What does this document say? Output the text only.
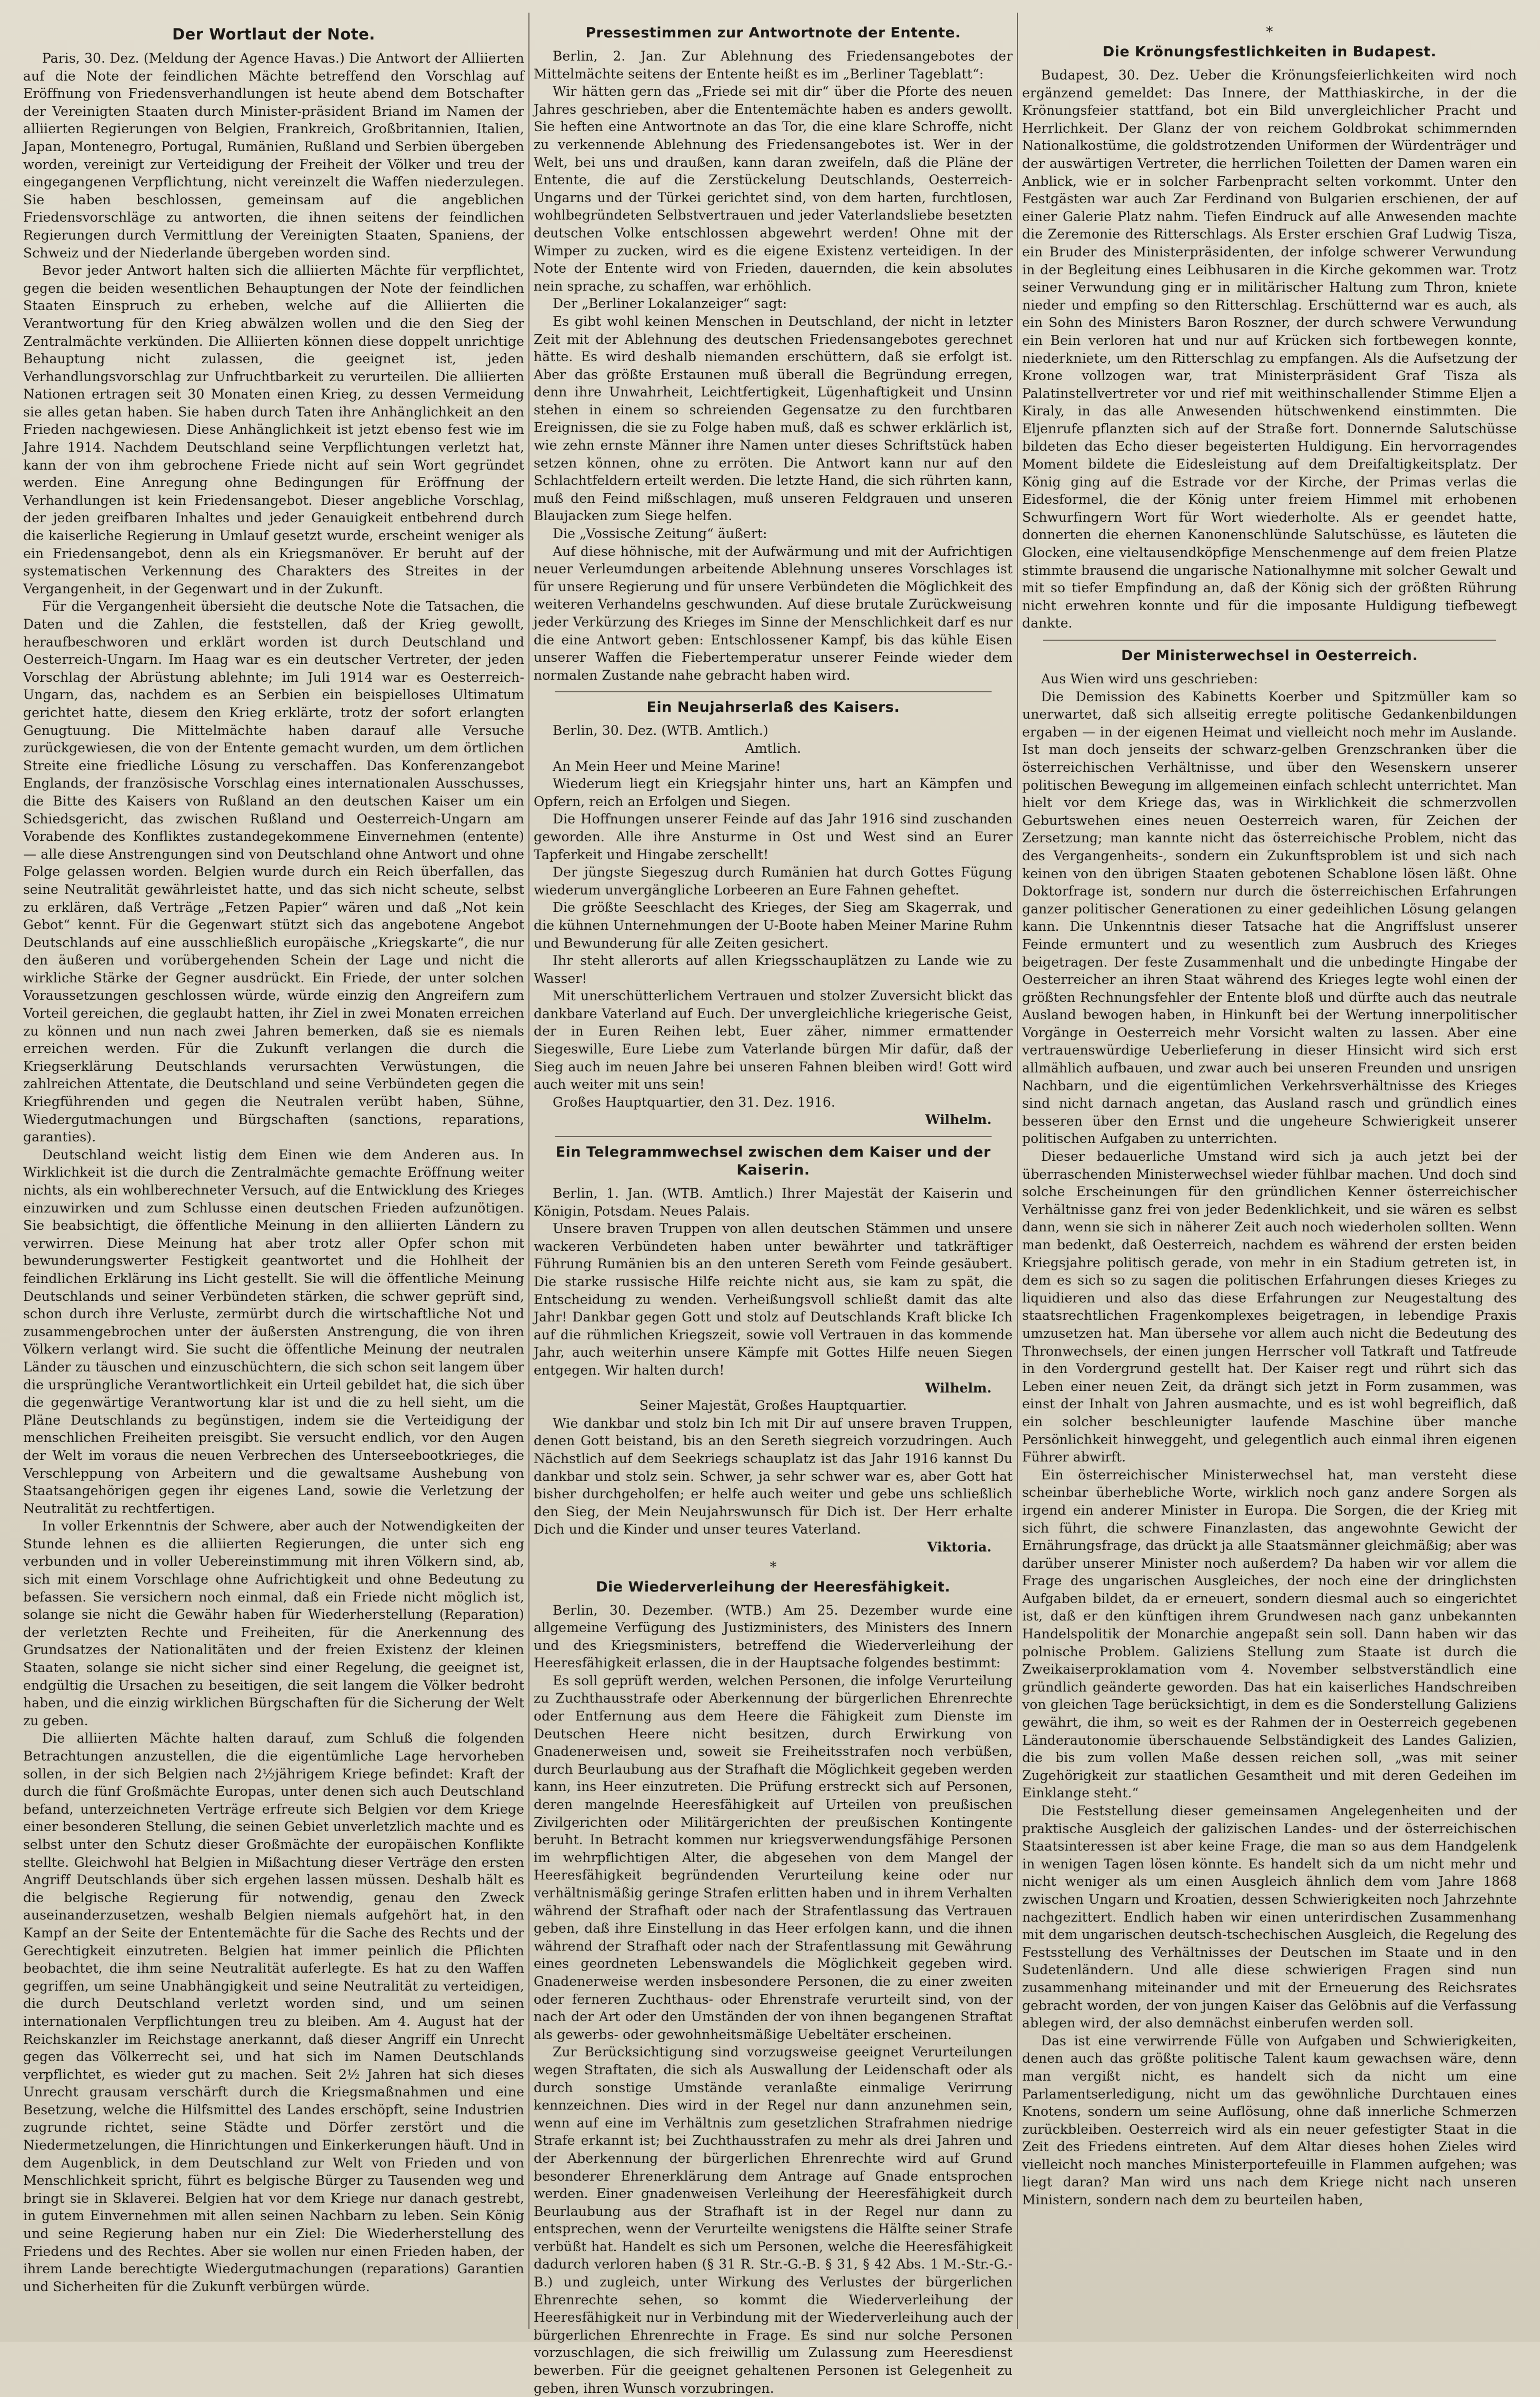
Der Wortlaut der Note.

Paris, 30. Dez. (Meldung der Agence Havas.) Die Antwort der Alliierten auf die Note der feindlichen Mächte betreffend den Vorschlag auf Eröffnung von Friedensverhandlungen ist heute abend dem Botschafter der Vereinigten Staaten durch Minister-präsident Briand im Namen der alliierten Regierungen von Belgien, Frankreich, Großbritannien, Italien, Japan, Montenegro, Portugal, Rumänien, Rußland und Serbien übergeben worden, vereinigt zur Verteidigung der Freiheit der Völker und treu der eingegangenen Verpflichtung, nicht vereinzelt die Waffen niederzulegen. Sie haben beschlossen, gemeinsam auf die angeblichen Friedensvorschläge zu antworten, die ihnen seitens der feindlichen Regierungen durch Vermittlung der Vereinigten Staaten, Spaniens, der Schweiz und der Niederlande übergeben worden sind.

Bevor jeder Antwort halten sich die alliierten Mächte für verpflichtet, gegen die beiden wesentlichen Behauptungen der Note der feindlichen Staaten Einspruch zu erheben, welche auf die Alliierten die Verantwortung für den Krieg abwälzen wollen und die den Sieg der Zentralmächte verkünden. Die Alliierten können diese doppelt unrichtige Behauptung nicht zulassen, die geeignet ist, jeden Verhandlungsvorschlag zur Unfruchtbarkeit zu verurteilen. Die alliierten Nationen ertragen seit 30 Monaten einen Krieg, zu dessen Vermeidung sie alles getan haben. Sie haben durch Taten ihre Anhänglichkeit an den Frieden nachgewiesen. Diese Anhänglichkeit ist jetzt ebenso fest wie im Jahre 1914. Nachdem Deutschland seine Verpflichtungen verletzt hat, kann der von ihm gebrochene Friede nicht auf sein Wort gegründet werden. Eine Anregung ohne Bedingungen für Eröffnung der Verhandlungen ist kein Friedensangebot. Dieser angebliche Vorschlag, der jeden greifbaren Inhaltes und jeder Genauigkeit entbehrend durch die kaiserliche Regierung in Umlauf gesetzt wurde, erscheint weniger als ein Friedensangebot, denn als ein Kriegsmanöver. Er beruht auf der systematischen Verkennung des Charakters des Streites in der Vergangenheit, in der Gegenwart und in der Zukunft.

Für die Vergangenheit übersieht die deutsche Note die Tatsachen, die Daten und die Zahlen, die feststellen, daß der Krieg gewollt, heraufbeschworen und erklärt worden ist durch Deutschland und Oesterreich-Ungarn. Im Haag war es ein deutscher Vertreter, der jeden Vorschlag der Abrüstung ablehnte; im Juli 1914 war es Oesterreich-Ungarn, das, nachdem es an Serbien ein beispielloses Ultimatum gerichtet hatte, diesem den Krieg erklärte, trotz der sofort erlangten Genugtuung. Die Mittelmächte haben darauf alle Versuche zurückgewiesen, die von der Entente gemacht wurden, um dem örtlichen Streite eine friedliche Lösung zu verschaffen. Das Konferenzangebot Englands, der französische Vorschlag eines internationalen Ausschusses, die Bitte des Kaisers von Rußland an den deutschen Kaiser um ein Schiedsgericht, das zwischen Rußland und Oesterreich-Ungarn am Vorabende des Konfliktes zustandegekommene Einvernehmen (entente) — alle diese Anstrengungen sind von Deutschland ohne Antwort und ohne Folge gelassen worden. Belgien wurde durch ein Reich überfallen, das seine Neutralität gewährleistet hatte, und das sich nicht scheute, selbst zu erklären, daß Verträge „Fetzen Papier“ wären und daß „Not kein Gebot“ kennt. Für die Gegenwart stützt sich das angebotene Angebot Deutschlands auf eine ausschließlich europäische „Kriegskarte“, die nur den äußeren und vorübergehenden Schein der Lage und nicht die wirkliche Stärke der Gegner ausdrückt. Ein Friede, der unter solchen Voraussetzungen geschlossen würde, würde einzig den Angreifern zum Vorteil gereichen, die geglaubt hatten, ihr Ziel in zwei Monaten erreichen zu können und nun nach zwei Jahren bemerken, daß sie es niemals erreichen werden. Für die Zukunft verlangen die durch die Kriegserklärung Deutschlands verursachten Verwüstungen, die zahlreichen Attentate, die Deutschland und seine Verbündeten gegen die Kriegführenden und gegen die Neutralen verübt haben, Sühne, Wiedergutmachungen und Bürgschaften (sanctions, reparations, garanties).

Deutschland weicht listig dem Einen wie dem Anderen aus. In Wirklichkeit ist die durch die Zentralmächte gemachte Eröffnung weiter nichts, als ein wohlberechneter Versuch, auf die Entwicklung des Krieges einzuwirken und zum Schlusse einen deutschen Frieden aufzunötigen. Sie beabsichtigt, die öffentliche Meinung in den alliierten Ländern zu verwirren. Diese Meinung hat aber trotz aller Opfer schon mit bewunderungswerter Festigkeit geantwortet und die Hohlheit der feindlichen Erklärung ins Licht gestellt. Sie will die öffentliche Meinung Deutschlands und seiner Verbündeten stärken, die schwer geprüft sind, schon durch ihre Verluste, zermürbt durch die wirtschaftliche Not und zusammengebrochen unter der äußersten Anstrengung, die von ihren Völkern verlangt wird. Sie sucht die öffentliche Meinung der neutralen Länder zu täuschen und einzuschüchtern, die sich schon seit langem über die ursprüngliche Verantwortlichkeit ein Urteil gebildet hat, die sich über die gegenwärtige Verantwortung klar ist und die zu hell sieht, um die Pläne Deutschlands zu begünstigen, indem sie die Verteidigung der menschlichen Freiheiten preisgibt. Sie versucht endlich, vor den Augen der Welt im voraus die neuen Verbrechen des Unterseebootkrieges, die Verschleppung von Arbeitern und die gewaltsame Aushebung von Staatsangehörigen gegen ihr eigenes Land, sowie die Verletzung der Neutralität zu rechtfertigen.

In voller Erkenntnis der Schwere, aber auch der Notwendigkeiten der Stunde lehnen es die alliierten Regierungen, die unter sich eng verbunden und in voller Uebereinstimmung mit ihren Völkern sind, ab, sich mit einem Vorschlage ohne Aufrichtigkeit und ohne Bedeutung zu befassen. Sie versichern noch einmal, daß ein Friede nicht möglich ist, solange sie nicht die Gewähr haben für Wiederherstellung (Reparation) der verletzten Rechte und Freiheiten, für die Anerkennung des Grundsatzes der Nationalitäten und der freien Existenz der kleinen Staaten, solange sie nicht sicher sind einer Regelung, die geeignet ist, endgültig die Ursachen zu beseitigen, die seit langem die Völker bedroht haben, und die einzig wirklichen Bürgschaften für die Sicherung der Welt zu geben.

Die alliierten Mächte halten darauf, zum Schluß die folgenden Betrachtungen anzustellen, die die eigentümliche Lage hervorheben sollen, in der sich Belgien nach 2½jährigem Kriege befindet: Kraft der durch die fünf Großmächte Europas, unter denen sich auch Deutschland befand, unterzeichneten Verträge erfreute sich Belgien vor dem Kriege einer besonderen Stellung, die seinen Gebiet unverletzlich machte und es selbst unter den Schutz dieser Großmächte der europäischen Konflikte stellte. Gleichwohl hat Belgien in Mißachtung dieser Verträge den ersten Angriff Deutschlands über sich ergehen lassen müssen. Deshalb hält es die belgische Regierung für notwendig, genau den Zweck auseinanderzusetzen, weshalb Belgien niemals aufgehört hat, in den Kampf an der Seite der Ententemächte für die Sache des Rechts und der Gerechtigkeit einzutreten. Belgien hat immer peinlich die Pflichten beobachtet, die ihm seine Neutralität auferlegte. Es hat zu den Waffen gegriffen, um seine Unabhängigkeit und seine Neutralität zu verteidigen, die durch Deutschland verletzt worden sind, und um seinen internationalen Verpflichtungen treu zu bleiben. Am 4. August hat der Reichskanzler im Reichstage anerkannt, daß dieser Angriff ein Unrecht gegen das Völkerrecht sei, und hat sich im Namen Deutschlands verpflichtet, es wieder gut zu machen. Seit 2½ Jahren hat sich dieses Unrecht grausam verschärft durch die Kriegsmaßnahmen und eine Besetzung, welche die Hilfsmittel des Landes erschöpft, seine Industrien zugrunde richtet, seine Städte und Dörfer zerstört und die Niedermetzelungen, die Hinrichtungen und Einkerkerungen häuft. Und in dem Augenblick, in dem Deutschland zur Welt von Frieden und von Menschlichkeit spricht, führt es belgische Bürger zu Tausenden weg und bringt sie in Sklaverei. Belgien hat vor dem Kriege nur danach gestrebt, in gutem Einvernehmen mit allen seinen Nachbarn zu leben. Sein König und seine Regierung haben nur ein Ziel: Die Wiederherstellung des Friedens und des Rechtes. Aber sie wollen nur einen Frieden haben, der ihrem Lande berechtigte Wiedergutmachungen (reparations) Garantien und Sicherheiten für die Zukunft verbürgen würde.

Pressestimmen zur Antwortnote der Entente.

Berlin, 2. Jan. Zur Ablehnung des Friedensangebotes der Mittelmächte seitens der Entente heißt es im „Berliner Tageblatt“:

Wir hätten gern das „Friede sei mit dir“ über die Pforte des neuen Jahres geschrieben, aber die Ententemächte haben es anders gewollt. Sie heften eine Antwortnote an das Tor, die eine klare Schroffe, nicht zu verkennende Ablehnung des Friedensangebotes ist. Wer in der Welt, bei uns und draußen, kann daran zweifeln, daß die Pläne der Entente, die auf die Zerstückelung Deutschlands, Oesterreich-Ungarns und der Türkei gerichtet sind, von dem harten, furchtlosen, wohlbegründeten Selbstvertrauen und jeder Vaterlandsliebe besetzten deutschen Volke entschlossen abgewehrt werden! Ohne mit der Wimper zu zucken, wird es die eigene Existenz verteidigen. In der Note der Entente wird von Frieden, dauernden, die kein absolutes nein sprache, zu schaffen, war erhöhlich.

Der „Berliner Lokalanzeiger“ sagt:

Es gibt wohl keinen Menschen in Deutschland, der nicht in letzter Zeit mit der Ablehnung des deutschen Friedensangebotes gerechnet hätte. Es wird deshalb niemanden erschüttern, daß sie erfolgt ist. Aber das größte Erstaunen muß überall die Begründung erregen, denn ihre Unwahrheit, Leichtfertigkeit, Lügenhaftigkeit und Unsinn stehen in einem so schreienden Gegensatze zu den furchtbaren Ereignissen, die sie zu Folge haben muß, daß es schwer erklärlich ist, wie zehn ernste Männer ihre Namen unter dieses Schriftstück haben setzen können, ohne zu erröten. Die Antwort kann nur auf den Schlachtfeldern erteilt werden. Die letzte Hand, die sich rührten kann, muß den Feind mißschlagen, muß unseren Feldgrauen und unseren Blaujacken zum Siege helfen.

Die „Vossische Zeitung“ äußert:

Auf diese höhnische, mit der Aufwärmung und mit der Aufrichtigen neuer Verleumdungen arbeitende Ablehnung unseres Vorschlages ist für unsere Regierung und für unsere Verbündeten die Möglichkeit des weiteren Verhandelns geschwunden. Auf diese brutale Zurückweisung jeder Verkürzung des Krieges im Sinne der Menschlichkeit darf es nur die eine Antwort geben: Entschlossener Kampf, bis das kühle Eisen unserer Waffen die Fiebertemperatur unserer Feinde wieder dem normalen Zustande nahe gebracht haben wird.

Ein Neujahrserlaß des Kaisers.

Berlin, 30. Dez. (WTB. Amtlich.)

Amtlich.

An Mein Heer und Meine Marine!

Wiederum liegt ein Kriegsjahr hinter uns, hart an Kämpfen und Opfern, reich an Erfolgen und Siegen.

Die Hoffnungen unserer Feinde auf das Jahr 1916 sind zuschanden geworden. Alle ihre Ansturme in Ost und West sind an Eurer Tapferkeit und Hingabe zerschellt!

Der jüngste Siegeszug durch Rumänien hat durch Gottes Fügung wiederum unvergängliche Lorbeeren an Eure Fahnen geheftet.

Die größte Seeschlacht des Krieges, der Sieg am Skagerrak, und die kühnen Unternehmungen der U-Boote haben Meiner Marine Ruhm und Bewunderung für alle Zeiten gesichert.

Ihr steht allerorts auf allen Kriegsschauplätzen zu Lande wie zu Wasser!

Mit unerschütterlichem Vertrauen und stolzer Zuversicht blickt das dankbare Vaterland auf Euch. Der unvergleichliche kriegerische Geist, der in Euren Reihen lebt, Euer zäher, nimmer ermattender Siegeswille, Eure Liebe zum Vaterlande bürgen Mir dafür, daß der Sieg auch im neuen Jahre bei unseren Fahnen bleiben wird! Gott wird auch weiter mit uns sein!

Großes Hauptquartier, den 31. Dez. 1916.

Wilhelm.

Ein Telegrammwechsel zwischen dem Kaiser und der Kaiserin.

Berlin, 1. Jan. (WTB. Amtlich.) Ihrer Majestät der Kaiserin und Königin, Potsdam. Neues Palais.

Unsere braven Truppen von allen deutschen Stämmen und unsere wackeren Verbündeten haben unter bewährter und tatkräftiger Führung Rumänien bis an den unteren Sereth vom Feinde gesäubert. Die starke russische Hilfe reichte nicht aus, sie kam zu spät, die Entscheidung zu wenden. Verheißungsvoll schließt damit das alte Jahr! Dankbar gegen Gott und stolz auf Deutschlands Kraft blicke Ich auf die rühmlichen Kriegszeit, sowie voll Vertrauen in das kommende Jahr, auch weiterhin unsere Kämpfe mit Gottes Hilfe neuen Siegen entgegen. Wir halten durch!

Wilhelm.

Seiner Majestät, Großes Hauptquartier.

Wie dankbar und stolz bin Ich mit Dir auf unsere braven Truppen, denen Gott beistand, bis an den Sereth siegreich vorzudringen. Auch Nächstlich auf dem Seekriegs schauplatz ist das Jahr 1916 kannst Du dankbar und stolz sein. Schwer, ja sehr schwer war es, aber Gott hat bisher durchgeholfen; er helfe auch weiter und gebe uns schließlich den Sieg, der Mein Neujahrswunsch für Dich ist. Der Herr erhalte Dich und die Kinder und unser teures Vaterland.

Viktoria.

*
Die Wiederverleihung der Heeresfähigkeit.

Berlin, 30. Dezember. (WTB.) Am 25. Dezember wurde eine allgemeine Verfügung des Justizministers, des Ministers des Innern und des Kriegsministers, betreffend die Wiederverleihung der Heeresfähigkeit erlassen, die in der Hauptsache folgendes bestimmt:

Es soll geprüft werden, welchen Personen, die infolge Verurteilung zu Zuchthausstrafe oder Aberkennung der bürgerlichen Ehrenrechte oder Entfernung aus dem Heere die Fähigkeit zum Dienste im Deutschen Heere nicht besitzen, durch Erwirkung von Gnadenerweisen und, soweit sie Freiheitsstrafen noch verbüßen, durch Beurlaubung aus der Strafhaft die Möglichkeit gegeben werden kann, ins Heer einzutreten. Die Prüfung erstreckt sich auf Personen, deren mangelnde Heeresfähigkeit auf Urteilen von preußischen Zivilgerichten oder Militärgerichten der preußischen Kontingente beruht. In Betracht kommen nur kriegsverwendungsfähige Personen im wehrpflichtigen Alter, die abgesehen von dem Mangel der Heeresfähigkeit begründenden Verurteilung keine oder nur verhältnismäßig geringe Strafen erlitten haben und in ihrem Verhalten während der Strafhaft oder nach der Strafentlassung das Vertrauen geben, daß ihre Einstellung in das Heer erfolgen kann, und die ihnen während der Strafhaft oder nach der Strafentlassung mit Gewährung eines geordneten Lebenswandels die Möglichkeit gegeben wird. Gnadenerweise werden insbesondere Personen, die zu einer zweiten oder ferneren Zuchthaus- oder Ehrenstrafe verurteilt sind, von der nach der Art oder den Umständen der von ihnen begangenen Straftat als gewerbs- oder gewohnheitsmäßige Uebeltäter erscheinen.

Zur Berücksichtigung sind vorzugsweise geeignet Verurteilungen wegen Straftaten, die sich als Auswallung der Leidenschaft oder als durch sonstige Umstände veranlaßte einmalige Verirrung kennzeichnen. Dies wird in der Regel nur dann anzunehmen sein, wenn auf eine im Verhältnis zum gesetzlichen Strafrahmen niedrige Strafe erkannt ist; bei Zuchthausstrafen zu mehr als drei Jahren und der Aberkennung der bürgerlichen Ehrenrechte wird auf Grund besonderer Ehrenerklärung dem Antrage auf Gnade entsprochen werden. Einer gnadenweisen Verleihung der Heeresfähigkeit durch Beurlaubung aus der Strafhaft ist in der Regel nur dann zu entsprechen, wenn der Verurteilte wenigstens die Hälfte seiner Strafe verbüßt hat. Handelt es sich um Personen, welche die Heeresfähigkeit dadurch verloren haben (§ 31 R. Str.-G.-B. § 31, § 42 Abs. 1 M.-Str.-G.-B.) und zugleich, unter Wirkung des Verlustes der bürgerlichen Ehrenrechte sehen, so kommt die Wiederverleihung der Heeresfähigkeit nur in Verbindung mit der Wiederverleihung auch der bürgerlichen Ehrenrechte in Frage. Es sind nur solche Personen vorzuschlagen, die sich freiwillig um Zulassung zum Heeresdienst bewerben. Für die geeignet gehaltenen Personen ist Gelegenheit zu geben, ihren Wunsch vorzubringen.

*
Die Krönungsfestlichkeiten in Budapest.

Budapest, 30. Dez. Ueber die Krönungsfeierlichkeiten wird noch ergänzend gemeldet: Das Innere, der Matthiaskirche, in der die Krönungsfeier stattfand, bot ein Bild unvergleichlicher Pracht und Herrlichkeit. Der Glanz der von reichem Goldbrokat schimmernden Nationalkostüme, die goldstrotzenden Uniformen der Würdenträger und der auswärtigen Vertreter, die herrlichen Toiletten der Damen waren ein Anblick, wie er in solcher Farbenpracht selten vorkommt. Unter den Festgästen war auch Zar Ferdinand von Bulgarien erschienen, der auf einer Galerie Platz nahm. Tiefen Eindruck auf alle Anwesenden machte die Zeremonie des Ritterschlags. Als Erster erschien Graf Ludwig Tisza, ein Bruder des Ministerpräsidenten, der infolge schwerer Verwundung in der Begleitung eines Leibhusaren in die Kirche gekommen war. Trotz seiner Verwundung ging er in militärischer Haltung zum Thron, kniete nieder und empfing so den Ritterschlag. Erschütternd war es auch, als ein Sohn des Ministers Baron Roszner, der durch schwere Verwundung ein Bein verloren hat und nur auf Krücken sich fortbewegen konnte, niederkniete, um den Ritterschlag zu empfangen. Als die Aufsetzung der Krone vollzogen war, trat Ministerpräsident Graf Tisza als Palatinstellvertreter vor und rief mit weithinschallender Stimme Eljen a Kiraly, in das alle Anwesenden hütschwenkend einstimmten. Die Eljenrufe pflanzten sich auf der Straße fort. Donnernde Salutschüsse bildeten das Echo dieser begeisterten Huldigung. Ein hervorragendes Moment bildete die Eidesleistung auf dem Dreifaltigkeitsplatz. Der König ging auf die Estrade vor der Kirche, der Primas verlas die Eidesformel, die der König unter freiem Himmel mit erhobenen Schwurfingern Wort für Wort wiederholte. Als er geendet hatte, donnerten die ehernen Kanonenschlünde Salutschüsse, es läuteten die Glocken, eine vieltausendköpfige Menschenmenge auf dem freien Platze stimmte brausend die ungarische Nationalhymne mit solcher Gewalt und mit so tiefer Empfindung an, daß der König sich der größten Rührung nicht erwehren konnte und für die imposante Huldigung tiefbewegt dankte.

Der Ministerwechsel in Oesterreich.

Aus Wien wird uns geschrieben:

Die Demission des Kabinetts Koerber und Spitzmüller kam so unerwartet, daß sich allseitig erregte politische Gedankenbildungen ergaben — in der eigenen Heimat und vielleicht noch mehr im Auslande. Ist man doch jenseits der schwarz-gelben Grenzschranken über die österreichischen Verhältnisse, und über den Wesenskern unserer politischen Bewegung im allgemeinen einfach schlecht unterrichtet. Man hielt vor dem Kriege das, was in Wirklichkeit die schmerzvollen Geburtswehen eines neuen Oesterreich waren, für Zeichen der Zersetzung; man kannte nicht das österreichische Problem, nicht das des Vergangenheits-, sondern ein Zukunftsproblem ist und sich nach keinen von den übrigen Staaten gebotenen Schablone lösen läßt. Ohne Doktorfrage ist, sondern nur durch die österreichischen Erfahrungen ganzer politischer Generationen zu einer gedeihlichen Lösung gelangen kann. Die Unkenntnis dieser Tatsache hat die Angriffslust unserer Feinde ermuntert und zu wesentlich zum Ausbruch des Krieges beigetragen. Der feste Zusammenhalt und die unbedingte Hingabe der Oesterreicher an ihren Staat während des Krieges legte wohl einen der größten Rechnungsfehler der Entente bloß und dürfte auch das neutrale Ausland bewogen haben, in Hinkunft bei der Wertung innerpolitischer Vorgänge in Oesterreich mehr Vorsicht walten zu lassen. Aber eine vertrauenswürdige Ueberlieferung in dieser Hinsicht wird sich erst allmählich aufbauen, und zwar auch bei unseren Freunden und unsrigen Nachbarn, und die eigentümlichen Verkehrsverhältnisse des Krieges sind nicht darnach angetan, das Ausland rasch und gründlich eines besseren über den Ernst und die ungeheure Schwierigkeit unserer politischen Aufgaben zu unterrichten.

Dieser bedauerliche Umstand wird sich ja auch jetzt bei der überraschenden Ministerwechsel wieder fühlbar machen. Und doch sind solche Erscheinungen für den gründlichen Kenner österreichischer Verhältnisse ganz frei von jeder Bedenklichkeit, und sie wären es selbst dann, wenn sie sich in näherer Zeit auch noch wiederholen sollten. Wenn man bedenkt, daß Oesterreich, nachdem es während der ersten beiden Kriegsjahre politisch gerade, von mehr in ein Stadium getreten ist, in dem es sich so zu sagen die politischen Erfahrungen dieses Krieges zu liquidieren und also das diese Erfahrungen zur Neugestaltung des staatsrechtlichen Fragenkomplexes beigetragen, in lebendige Praxis umzusetzen hat. Man übersehe vor allem auch nicht die Bedeutung des Thronwechsels, der einen jungen Herrscher voll Tatkraft und Tatfreude in den Vordergrund gestellt hat. Der Kaiser regt und rührt sich das Leben einer neuen Zeit, da drängt sich jetzt in Form zusammen, was einst der Inhalt von Jahren ausmachte, und es ist wohl begreiflich, daß ein solcher beschleunigter laufende Maschine über manche Persönlichkeit hinweggeht, und gelegentlich auch einmal ihren eigenen Führer abwirft.

Ein österreichischer Ministerwechsel hat, man versteht diese scheinbar überhebliche Worte, wirklich noch ganz andere Sorgen als irgend ein anderer Minister in Europa. Die Sorgen, die der Krieg mit sich führt, die schwere Finanzlasten, das angewohnte Gewicht der Ernährungsfrage, das drückt ja alle Staatsmänner gleichmäßig; aber was darüber unserer Minister noch außerdem? Da haben wir vor allem die Frage des ungarischen Ausgleiches, der noch eine der dringlichsten Aufgaben bildet, da er erneuert, sondern diesmal auch so eingerichtet ist, daß er den künftigen ihrem Grundwesen nach ganz unbekannten Handelspolitik der Monarchie angepaßt sein soll. Dann haben wir das polnische Problem. Galiziens Stellung zum Staate ist durch die Zweikaiserproklamation vom 4. November selbstverständlich eine gründlich geänderte geworden. Das hat ein kaiserliches Handschreiben von gleichen Tage berücksichtigt, in dem es die Sonderstellung Galiziens gewährt, die ihm, so weit es der Rahmen der in Oesterreich gegebenen Länderautonomie überschauende Selbständigkeit des Landes Galizien, die bis zum vollen Maße dessen reichen soll, „was mit seiner Zugehörigkeit zur staatlichen Gesamtheit und mit deren Gedeihen im Einklange steht.“

Die Feststellung dieser gemeinsamen Angelegenheiten und der praktische Ausgleich der galizischen Landes- und der österreichischen Staatsinteressen ist aber keine Frage, die man so aus dem Handgelenk in wenigen Tagen lösen könnte. Es handelt sich da um nicht mehr und nicht weniger als um einen Ausgleich ähnlich dem vom Jahre 1868 zwischen Ungarn und Kroatien, dessen Schwierigkeiten noch Jahrzehnte nachgezittert. Endlich haben wir einen unterirdischen Zusammenhang mit dem ungarischen deutsch-tschechischen Ausgleich, die Regelung des Festsstellung des Verhältnisses der Deutschen im Staate und in den Sudetenländern. Und alle diese schwierigen Fragen sind nun zusammenhang miteinander und mit der Erneuerung des Reichsrates gebracht worden, der von jungen Kaiser das Gelöbnis auf die Verfassung ablegen wird, der also demnächst einberufen werden soll.

Das ist eine verwirrende Fülle von Aufgaben und Schwierigkeiten, denen auch das größte politische Talent kaum gewachsen wäre, denn man vergißt nicht, es handelt sich da nicht um eine Parlamentserledigung, nicht um das gewöhnliche Durchtauen eines Knotens, sondern um seine Auflösung, ohne daß innerliche Schmerzen zurückbleiben. Oesterreich wird als ein neuer gefestigter Staat in die Zeit des Friedens eintreten. Auf dem Altar dieses hohen Zieles wird vielleicht noch manches Ministerportefeuille in Flammen aufgehen; was liegt daran? Man wird uns nach dem Kriege nicht nach unseren Ministern, sondern nach dem zu beurteilen haben,
